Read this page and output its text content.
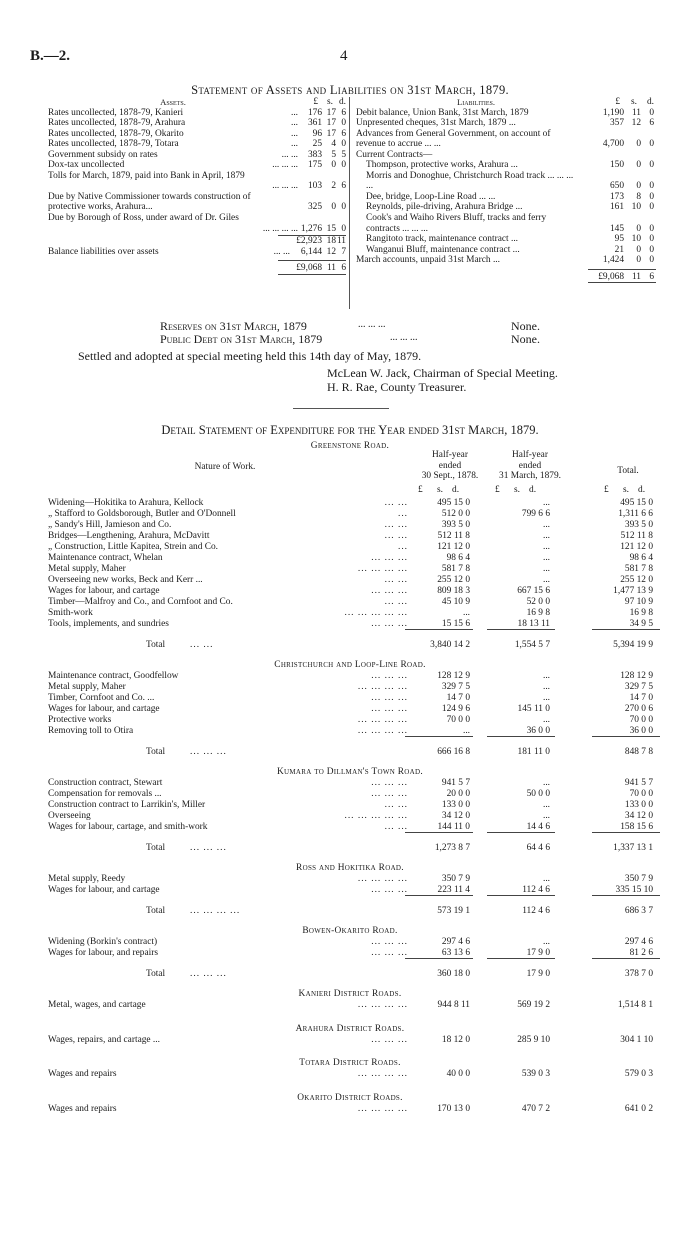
B.—2.	4
Statement of Assets and Liabilities on 31st March, 1879.
Assets.	£ s. d.
Rates uncollected, 1878-79, Kanieri	... 176 17 6
Rates uncollected, 1878-79, Arahura	... 361 17 0
Rates uncollected, 1878-79, Okarito	... 96 17 6
Rates uncollected, 1878-79, Totara	... 25 4 0
Government subsidy on rates	... ... 383 5 5
Dox-tax uncollected	... ... ... 175 0 0
Tolls for March, 1879, paid into Bank in April, 1879
... ... ... 103 2 6
Due by Native Commissioner towards construction of protective works, Arahura...	325 0 0
Due by Borough of Ross, under award of Dr. Giles
... ... ... ... 1,276 15 0
£2,923 18 11
Balance liabilities over assets	... ... 6,144 12 7
£9,068 11 6
Liabilities.	£ s. d.
Debit balance, Union Bank, 31st March, 1879	1,190 11 0
Unpresented cheques, 31st March, 1879 ...	357 12 6
Advances from General Government, on account of revenue to accrue ... ...	4,700 0 0
Current Contracts—
Thompson, protective works, Arahura ...	150 0 0
Morris and Donoghue, Christchurch Road track ... ... ... ...	650 0 0
Dee, bridge, Loop-Line Road ... ...	173 8 0
Reynolds, pile-driving, Arahura Bridge ...	161 10 0
Cook's and Waiho Rivers Bluff, tracks and ferry contracts ... ... ...	145 0 0
Rangitoto track, maintenance contract ...	95 10 0
Wanganui Bluff, maintenance contract ...	21 0 0
March accounts, unpaid 31st March ...	1,424 0 0
£9,068 11 6
Reserves on 31st March, 1879	... ... ...	None.
Public Debt on 31st March, 1879	... ... ...	None.
Settled and adopted at special meeting held this 14th day of May, 1879.
McLean W. Jack, Chairman of Special Meeting.
H. R. Rae, County Treasurer.
Detail Statement of Expenditure for the Year ended 31st March, 1879.
Nature of Work.
Half-year
ended
30 Sept., 1878.
Half-year
ended
31 March, 1879.
Total.
£ s. d.	£ s. d.	£ s. d.
Greenstone Road.
Widening—Hokitika to Arahura, Kellock	... ...	495 15 0	...	495 15 0
„ Stafford to Goldsborough, Butler and O'Donnell	...	512 0 0	799 6 6	1,311 6 6
„ Sandy's Hill, Jamieson and Co.	... ...	393 5 0	...	393 5 0
Bridges—Lengthening, Arahura, McDavitt	... ...	512 11 8	...	512 11 8
„ Construction, Little Kapitea, Strein and Co.	...	121 12 0	...	121 12 0
Maintenance contract, Whelan	... ... ...	98 6 4	...	98 6 4
Metal supply, Maher	... ... ... ...	581 7 8	...	581 7 8
Overseeing new works, Beck and Kerr ...	... ...	255 12 0	...	255 12 0
Wages for labour, and cartage	... ... ...	809 18 3	667 15 6	1,477 13 9
Timber—Malfroy and Co., and Cornfoot and Co.	... ...	45 10 9	52 0 0	97 10 9
Smith-work	... ... ... ... ...	...	16 9 8	16 9 8
Tools, implements, and sundries	... ... ...	15 15 6	18 13 11	34 9 5
Total	... ...	3,840 14 2	1,554 5 7	5,394 19 9
Christchurch and Loop-Line Road.
Maintenance contract, Goodfellow	... ... ...	128 12 9	...	128 12 9
Metal supply, Maher	... ... ... ...	329 7 5	...	329 7 5
Timber, Cornfoot and Co. ...	... ... ...	14 7 0	...	14 7 0
Wages for labour, and cartage	... ... ...	124 9 6	145 11 0	270 0 6
Protective works	... ... ... ...	70 0 0	...	70 0 0
Removing toll to Otira	... ... ... ...	...	36 0 0	36 0 0
Total	... ... ...	666 16 8	181 11 0	848 7 8
Kumara to Dillman's Town Road.
Construction contract, Stewart	... ... ...	941 5 7	...	941 5 7
Compensation for removals ...	... ... ...	20 0 0	50 0 0	70 0 0
Construction contract to Larrikin's, Miller	... ...	133 0 0	...	133 0 0
Overseeing	... ... ... ... ...	34 12 0	...	34 12 0
Wages for labour, cartage, and smith-work	... ...	144 11 0	14 4 6	158 15 6
Total	... ... ...	1,273 8 7	64 4 6	1,337 13 1
Ross and Hokitika Road.
Metal supply, Reedy	... ... ... ...	350 7 9	...	350 7 9
Wages for labour, and cartage	... ... ...	223 11 4	112 4 6	335 15 10
Total	... ... ... ...	573 19 1	112 4 6	686 3 7
Bowen-Okarito Road.
Widening (Borkin's contract)	... ... ...	297 4 6	...	297 4 6
Wages for labour, and repairs	... ... ...	63 13 6	17 9 0	81 2 6
Total	... ... ...	360 18 0	17 9 0	378 7 0
Kanieri District Roads.
Metal, wages, and cartage	... ... ... ...	944 8 11	569 19 2	1,514 8 1
Arahura District Roads.
Wages, repairs, and cartage ...	... ... ...	18 12 0	285 9 10	304 1 10
Totara District Roads.
Wages and repairs	... ... ... ...	40 0 0	539 0 3	579 0 3
Okarito District Roads.
Wages and repairs	... ... ... ...	170 13 0	470 7 2	641 0 2
